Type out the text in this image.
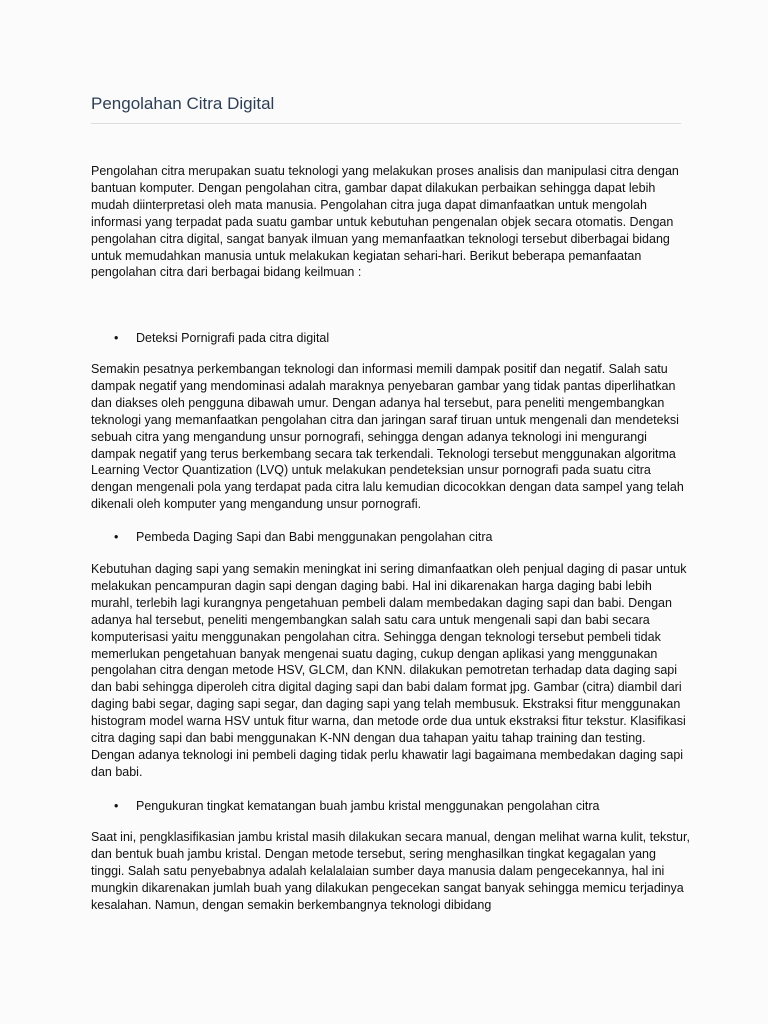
Pengolahan Citra Digital

Pengolahan citra merupakan suatu teknologi yang melakukan proses analisis dan manipulasi citra dengan bantuan komputer. Dengan pengolahan citra, gambar dapat dilakukan perbaikan sehingga dapat lebih mudah diinterpretasi oleh mata manusia. Pengolahan citra juga dapat dimanfaatkan untuk mengolah informasi yang terpadat pada suatu gambar untuk kebutuhan pengenalan objek secara otomatis. Dengan pengolahan citra digital, sangat banyak ilmuan yang memanfaatkan teknologi tersebut diberbagai bidang untuk memudahkan manusia untuk melakukan kegiatan sehari-hari. Berikut beberapa pemanfaatan pengolahan citra dari berbagai bidang keilmuan :

• Deteksi Pornigrafi pada citra digital

Semakin pesatnya perkembangan teknologi dan informasi memili dampak positif dan negatif. Salah satu dampak negatif yang mendominasi adalah maraknya penyebaran gambar yang tidak pantas diperlihatkan dan diakses oleh pengguna dibawah umur. Dengan adanya hal tersebut, para peneliti mengembangkan teknologi yang memanfaatkan pengolahan citra dan jaringan saraf tiruan untuk mengenali dan mendeteksi sebuah citra yang mengandung unsur pornografi, sehingga dengan adanya teknologi ini mengurangi dampak negatif yang terus berkembang secara tak terkendali. Teknologi tersebut menggunakan algoritma Learning Vector Quantization (LVQ) untuk melakukan pendeteksian unsur pornografi pada suatu citra dengan mengenali pola yang terdapat pada citra lalu kemudian dicocokkan dengan data sampel yang telah dikenali oleh komputer yang mengandung unsur pornografi.

• Pembeda Daging Sapi dan Babi menggunakan pengolahan citra

Kebutuhan daging sapi yang semakin meningkat ini sering dimanfaatkan oleh penjual daging di pasar untuk melakukan pencampuran dagin sapi dengan daging babi. Hal ini dikarenakan harga daging babi lebih murahl, terlebih lagi kurangnya pengetahuan pembeli dalam membedakan daging sapi dan babi. Dengan adanya hal tersebut, peneliti mengembangkan salah satu cara untuk mengenali sapi dan babi secara komputerisasi yaitu menggunakan pengolahan citra. Sehingga dengan teknologi tersebut pembeli tidak memerlukan pengetahuan banyak mengenai suatu daging, cukup dengan aplikasi yang menggunakan pengolahan citra dengan metode HSV, GLCM, dan KNN. dilakukan pemotretan terhadap data daging sapi dan babi sehingga diperoleh citra digital daging sapi dan babi dalam format jpg. Gambar (citra) diambil dari daging babi segar, daging sapi segar, dan daging sapi yang telah membusuk. Ekstraksi fitur menggunakan histogram model warna HSV untuk fitur warna, dan metode orde dua untuk ekstraksi fitur tekstur. Klasifikasi citra daging sapi dan babi menggunakan K-NN dengan dua tahapan yaitu tahap training dan testing. Dengan adanya teknologi ini pembeli daging tidak perlu khawatir lagi bagaimana membedakan daging sapi dan babi.

• Pengukuran tingkat kematangan buah jambu kristal menggunakan pengolahan citra

Saat ini, pengklasifikasian jambu kristal masih dilakukan secara manual, dengan melihat warna kulit, tekstur, dan bentuk buah jambu kristal. Dengan metode tersebut, sering menghasilkan tingkat kegagalan yang tinggi. Salah satu penyebabnya adalah kelalalaian sumber daya manusia dalam pengecekannya, hal ini mungkin dikarenakan jumlah buah yang dilakukan pengecekan sangat banyak sehingga memicu terjadinya kesalahan. Namun, dengan semakin berkembangnya teknologi dibidang
